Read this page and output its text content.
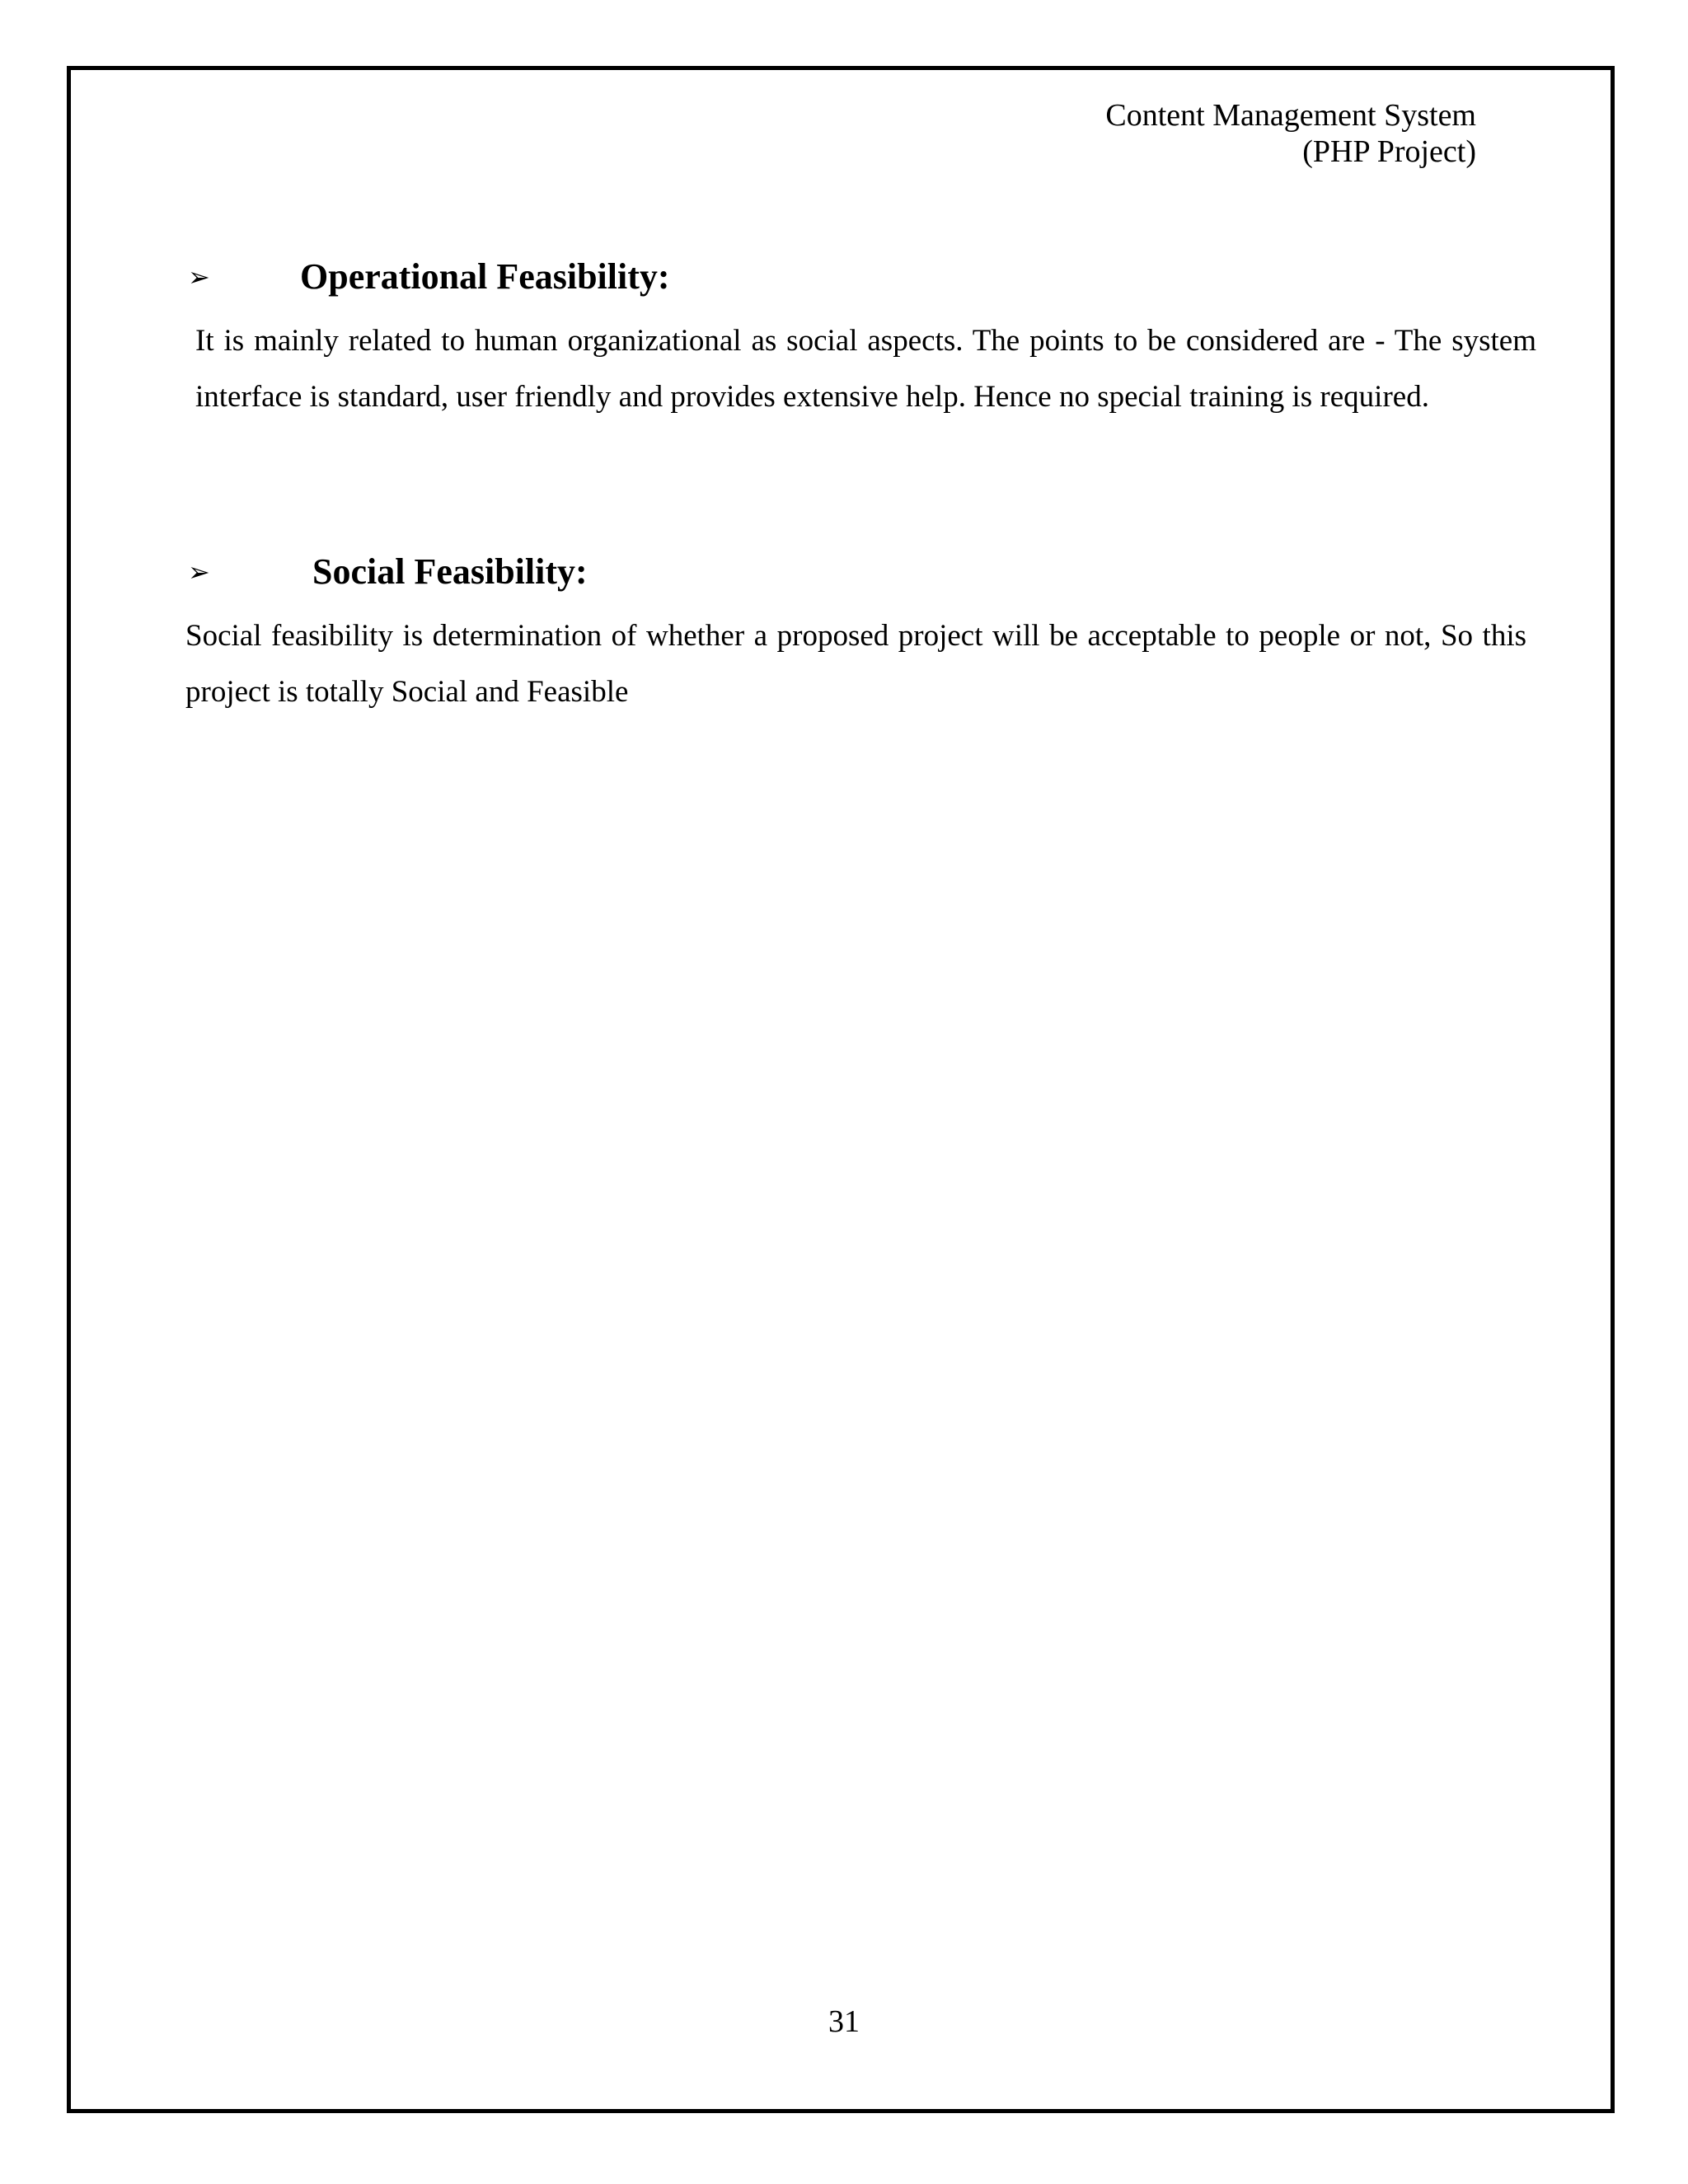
Content Management System
(PHP Project)
➢ Operational Feasibility:
It is mainly related to human organizational as social aspects. The points to be considered are - The system interface is standard, user friendly and provides extensive help. Hence no special training is required.
➢	Social Feasibility:
Social feasibility is determination of whether a proposed project will be acceptable to people or not, So this project is totally Social and Feasible
31
